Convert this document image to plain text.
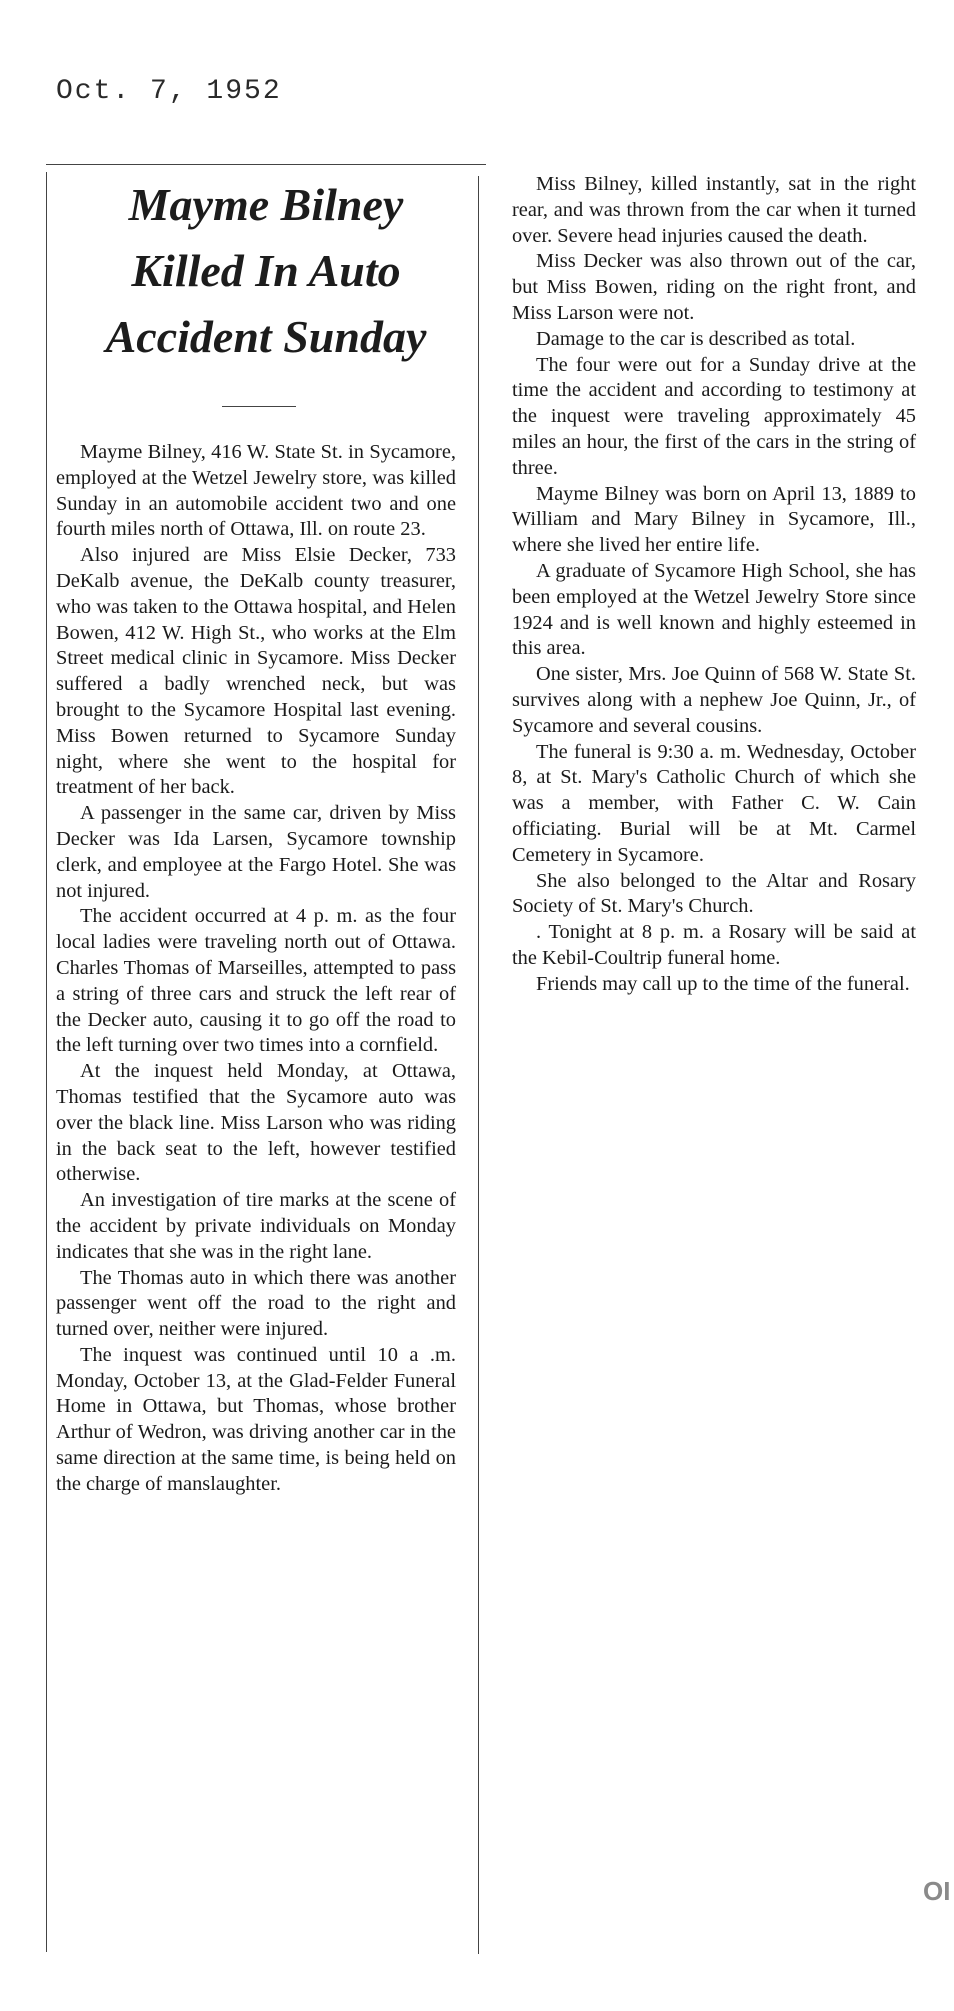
Oct. 7, 1952
Mayme Bilney
Killed In Auto
Accident Sunday

Mayme Bilney, 416 W. State St. in Sycamore, employed at the Wetzel Jewelry store, was killed Sunday in an automobile accident two and one fourth miles north of Ottawa, Ill. on route 23.

Also injured are Miss Elsie Decker, 733 DeKalb avenue, the DeKalb county treasurer, who was taken to the Ottawa hospital, and Helen Bowen, 412 W. High St., who works at the Elm Street medical clinic in Sycamore. Miss Decker suffered a badly wrenched neck, but was brought to the Sycamore Hospital last evening. Miss Bowen returned to Sycamore Sunday night, where she went to the hospital for treatment of her back.

A passenger in the same car, driven by Miss Decker was Ida Larsen, Sycamore township clerk, and employee at the Fargo Hotel. She was not injured.

The accident occurred at 4 p. m. as the four local ladies were traveling north out of Ottawa. Charles Thomas of Marseilles, attempted to pass a string of three cars and struck the left rear of the Decker auto, causing it to go off the road to the left turning over two times into a cornfield.

At the inquest held Monday, at Ottawa, Thomas testified that the Sycamore auto was over the black line. Miss Larson who was riding in the back seat to the left, however testified otherwise.

An investigation of tire marks at the scene of the accident by private individuals on Monday indicates that she was in the right lane.

The Thomas auto in which there was another passenger went off the road to the right and turned over, neither were injured.

The inquest was continued until 10 a .m. Monday, October 13, at the Glad-Felder Funeral Home in Ottawa, but Thomas, whose brother Arthur of Wedron, was driving another car in the same direction at the same time, is being held on the charge of manslaughter.

Miss Bilney, killed instantly, sat in the right rear, and was thrown from the car when it turned over. Severe head injuries caused the death.

Miss Decker was also thrown out of the car, but Miss Bowen, riding on the right front, and Miss Larson were not.

Damage to the car is described as total.

The four were out for a Sunday drive at the time the accident and according to testimony at the inquest were traveling approximately 45 miles an hour, the first of the cars in the string of three.

Mayme Bilney was born on April 13, 1889 to William and Mary Bilney in Sycamore, Ill., where she lived her entire life.

A graduate of Sycamore High School, she has been employed at the Wetzel Jewelry Store since 1924 and is well known and highly esteemed in this area.

One sister, Mrs. Joe Quinn of 568 W. State St. survives along with a nephew Joe Quinn, Jr., of Sycamore and several cousins.

The funeral is 9:30 a. m. Wednesday, October 8, at St. Mary's Catholic Church of which she was a member, with Father C. W. Cain officiating. Burial will be at Mt. Carmel Cemetery in Sycamore.

She also belonged to the Altar and Rosary Society of St. Mary's Church.

. Tonight at 8 p. m. a Rosary will be said at the Kebil-Coultrip funeral home.

Friends may call up to the time of the funeral.

OI
